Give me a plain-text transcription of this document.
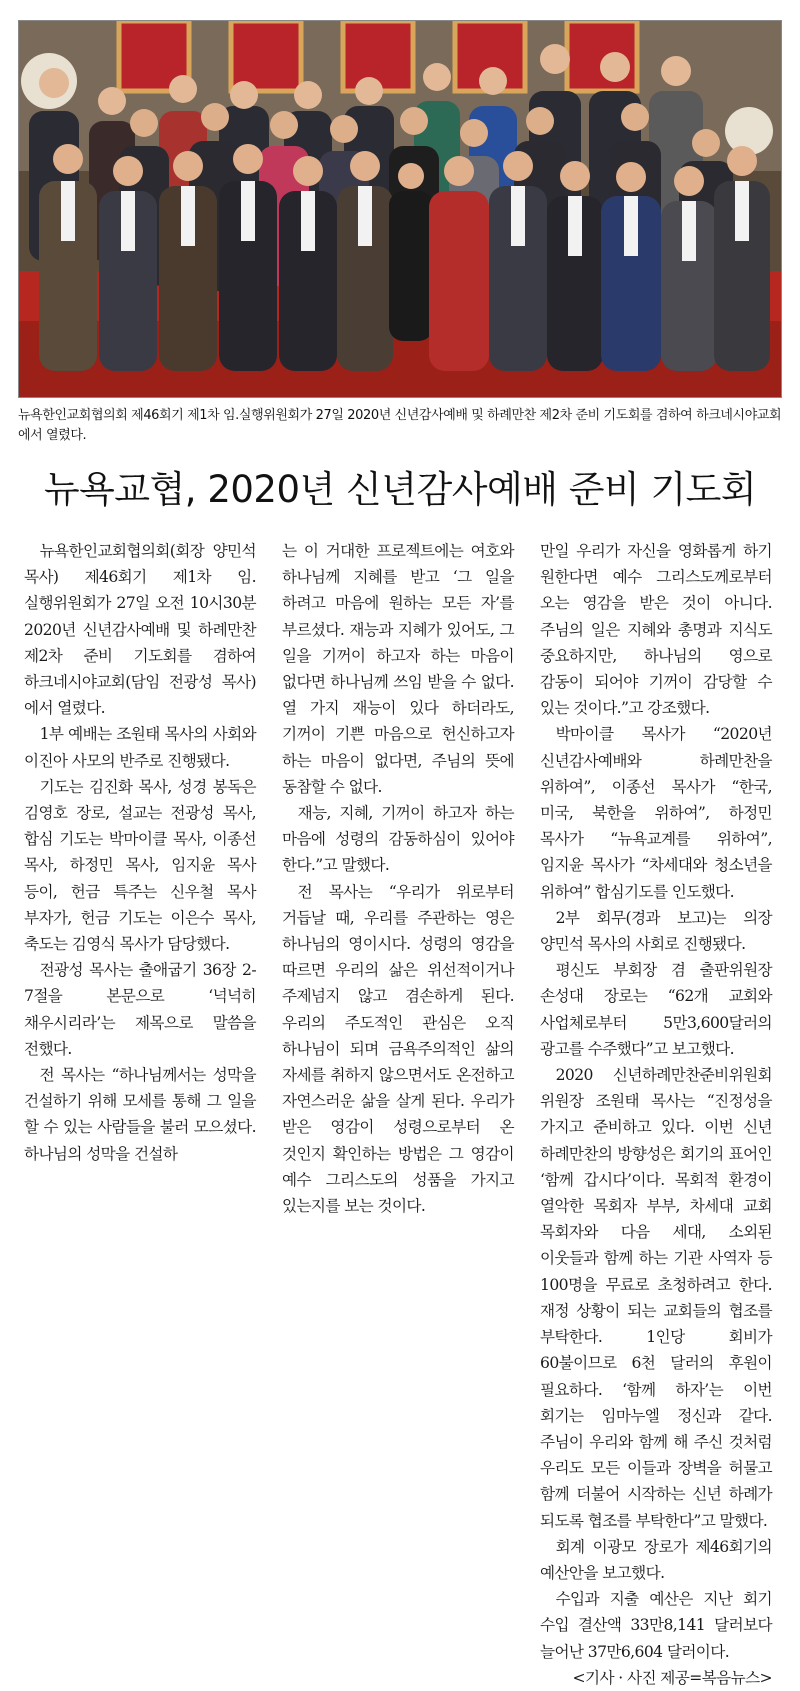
뉴욕한인교회협의회 제46회기 제1차 임.실행위원회가 27일 2020년 신년감사예배 및 하례만찬 제2차 준비 기도회를 겸하여 하크네시야교회에서 열렸다.
뉴욕교협, 2020년 신년감사예배 준비 기도회

뉴욕한인교회협의회(회장 양민석 목사) 제46회기 제1차 임.실행위원회가 27일 오전 10시30분 2020년 신년감사예배 및 하례만찬 제2차 준비 기도회를 겸하여 하크네시야교회(담임 전광성 목사)에서 열렸다.

1부 예배는 조원태 목사의 사회와 이진아 사모의 반주로 진행됐다.

기도는 김진화 목사, 성경 봉독은 김영호 장로, 설교는 전광성 목사, 합심 기도는 박마이클 목사, 이종선 목사, 하정민 목사, 임지윤 목사 등이, 헌금 특주는 신우철 목사 부자가, 헌금 기도는 이은수 목사, 축도는 김영식 목사가 담당했다.

전광성 목사는 출애굽기 36장 2-7절을 본문으로 ‘넉넉히 채우시리라’는 제목으로 말씀을 전했다.

전 목사는 “하나님께서는 성막을 건설하기 위해 모세를 통해 그 일을 할 수 있는 사람들을 불러 모으셨다. 하나님의 성막을 건설하

는 이 거대한 프로젝트에는 여호와 하나님께 지혜를 받고 ‘그 일을 하려고 마음에 원하는 모든 자’를 부르셨다. 재능과 지혜가 있어도, 그 일을 기꺼이 하고자 하는 마음이 없다면 하나님께 쓰임 받을 수 없다. 열 가지 재능이 있다 하더라도, 기꺼이 기쁜 마음으로 헌신하고자 하는 마음이 없다면, 주님의 뜻에 동참할 수 없다.

재능, 지혜, 기꺼이 하고자 하는 마음에 성령의 감동하심이 있어야 한다.”고 말했다.

전 목사는 “우리가 위로부터 거듭날 때, 우리를 주관하는 영은 하나님의 영이시다. 성령의 영감을 따르면 우리의 삶은 위선적이거나 주제넘지 않고 겸손하게 된다. 우리의 주도적인 관심은 오직 하나님이 되며 금욕주의적인 삶의 자세를 취하지 않으면서도 온전하고 자연스러운 삶을 살게 된다. 우리가 받은 영감이 성령으로부터 온 것인지 확인하는 방법은 그 영감이 예수 그리스도의 성품을 가지고 있는지를 보는 것이다.

만일 우리가 자신을 영화롭게 하기 원한다면 예수 그리스도께로부터 오는 영감을 받은 것이 아니다. 주님의 일은 지혜와 총명과 지식도 중요하지만, 하나님의 영으로 감동이 되어야 기꺼이 감당할 수 있는 것이다.”고 강조했다.

박마이클 목사가 “2020년 신년감사예배와 하례만찬을 위하여”, 이종선 목사가 “한국, 미국, 북한을 위하여”, 하정민 목사가 “뉴욕교계를 위하여”, 임지윤 목사가 “차세대와 청소년을 위하여” 합심기도를 인도했다.

2부 회무(경과 보고)는 의장 양민석 목사의 사회로 진행됐다.

평신도 부회장 겸 출판위원장 손성대 장로는 “62개 교회와 사업체로부터 5만3,600달러의 광고를 수주했다”고 보고했다.

2020 신년하례만찬준비위원회 위원장 조원태 목사는 “진정성을 가지고 준비하고 있다. 이번 신년 하례만찬의 방향성은 회기의 표어인 ‘함께 갑시다’이다. 목회적 환경이 열악한 목회자 부부, 차세대 교회 목회자와 다음 세대, 소외된 이웃들과 함께 하는 기관 사역자 등 100명을 무료로 초청하려고 한다. 재정 상황이 되는 교회들의 협조를 부탁한다. 1인당 회비가 60불이므로 6천 달러의 후원이 필요하다. ‘함께 하자’는 이번 회기는 임마누엘 정신과 같다. 주님이 우리와 함께 해 주신 것처럼 우리도 모든 이들과 장벽을 허물고 함께 더불어 시작하는 신년 하례가 되도록 협조를 부탁한다”고 말했다.

회계 이광모 장로가 제46회기의 예산안을 보고했다.

수입과 지출 예산은 지난 회기 수입 결산액 33만8,141 달러보다 늘어난 37만6,604 달러이다.

<기사 · 사진 제공=복음뉴스>
